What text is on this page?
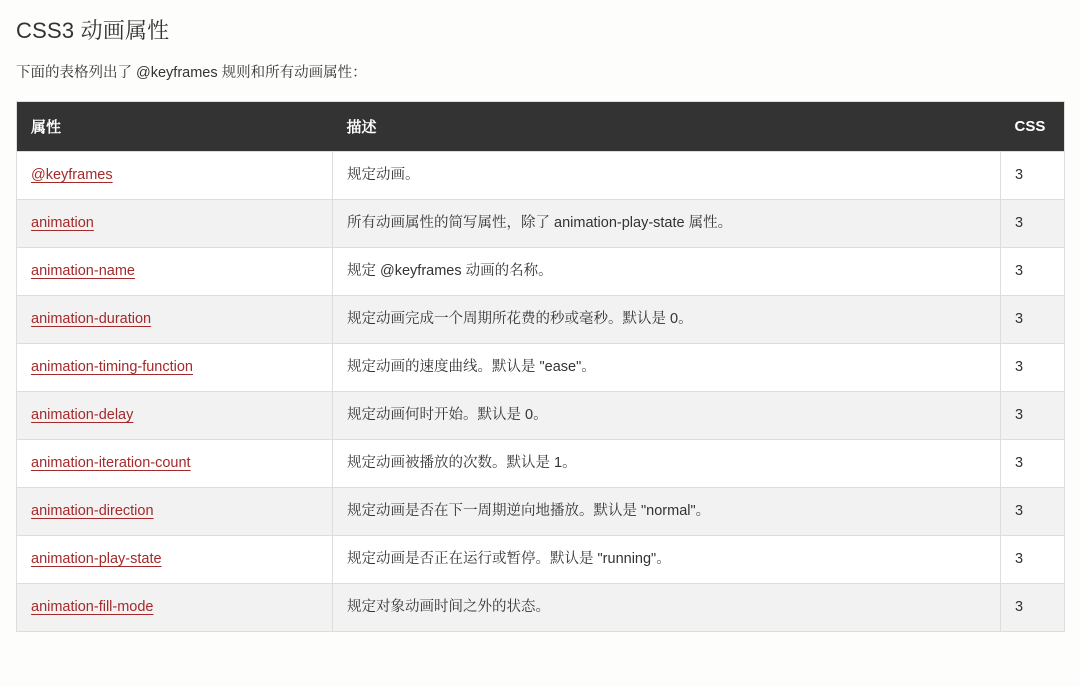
CSS3 动画属性

下面的表格列出了 @keyframes 规则和所有动画属性：

属性	描述	CSS
@keyframes	规定动画。	3
animation	所有动画属性的简写属性，除了 animation-play-state 属性。	3
animation-name	规定 @keyframes 动画的名称。	3
animation-duration	规定动画完成一个周期所花费的秒或毫秒。默认是 0。	3
animation-timing-function	规定动画的速度曲线。默认是 "ease"。	3
animation-delay	规定动画何时开始。默认是 0。	3
animation-iteration-count	规定动画被播放的次数。默认是 1。	3
animation-direction	规定动画是否在下一周期逆向地播放。默认是 "normal"。	3
animation-play-state	规定动画是否正在运行或暂停。默认是 "running"。	3
animation-fill-mode	规定对象动画时间之外的状态。	3
